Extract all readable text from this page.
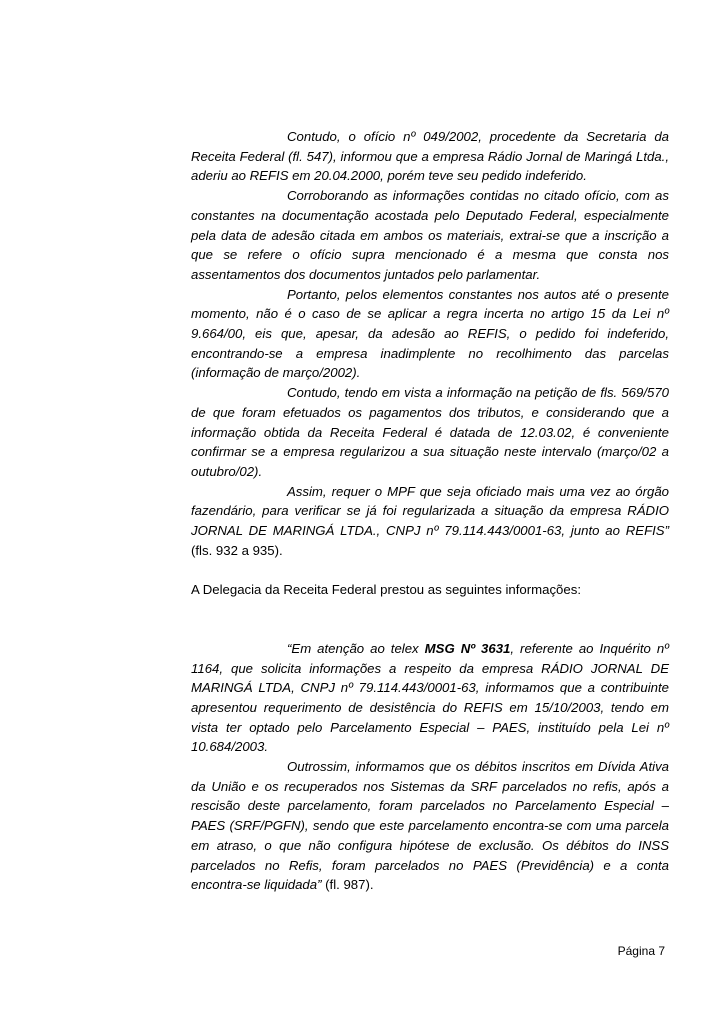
Contudo, o ofício nº 049/2002, procedente da Secretaria da Receita Federal (fl. 547), informou que a empresa Rádio Jornal de Maringá Ltda., aderiu ao REFIS em 20.04.2000, porém teve seu pedido indeferido.

Corroborando as informações contidas no citado ofício, com as constantes na documentação acostada pelo Deputado Federal, especialmente pela data de adesão citada em ambos os materiais, extrai-se que a inscrição a que se refere o ofício supra mencionado é a mesma que consta nos assentamentos dos documentos juntados pelo parlamentar.

Portanto, pelos elementos constantes nos autos até o presente momento, não é o caso de se aplicar a regra incerta no artigo 15 da Lei nº 9.664/00, eis que, apesar, da adesão ao REFIS, o pedido foi indeferido, encontrando-se a empresa inadimplente no recolhimento das parcelas (informação de março/2002).

Contudo, tendo em vista a informação na petição de fls. 569/570 de que foram efetuados os pagamentos dos tributos, e considerando que a informação obtida da Receita Federal é datada de 12.03.02, é conveniente confirmar se a empresa regularizou a sua situação neste intervalo (março/02 a outubro/02).

Assim, requer o MPF que seja oficiado mais uma vez ao órgão fazendário, para verificar se já foi regularizada a situação da empresa RÁDIO JORNAL DE MARINGÁ LTDA., CNPJ nº 79.114.443/0001-63, junto ao REFIS” (fls. 932 a 935).

A Delegacia da Receita Federal prestou as seguintes informações:

“Em atenção ao telex MSG Nº 3631, referente ao Inquérito nº 1164, que solicita informações a respeito da empresa RÁDIO JORNAL DE MARINGÁ LTDA, CNPJ nº 79.114.443/0001-63, informamos que a contribuinte apresentou requerimento de desistência do REFIS em 15/10/2003, tendo em vista ter optado pelo Parcelamento Especial – PAES, instituído pela Lei nº 10.684/2003.

Outrossim, informamos que os débitos inscritos em Dívida Ativa da União e os recuperados nos Sistemas da SRF parcelados no refis, após a rescisão deste parcelamento, foram parcelados no Parcelamento Especial – PAES (SRF/PGFN), sendo que este parcelamento encontra-se com uma parcela em atraso, o que não configura hipótese de exclusão. Os débitos do INSS parcelados no Refis, foram parcelados no PAES (Previdência) e a conta encontra-se liquidada” (fl. 987).

Página 7
